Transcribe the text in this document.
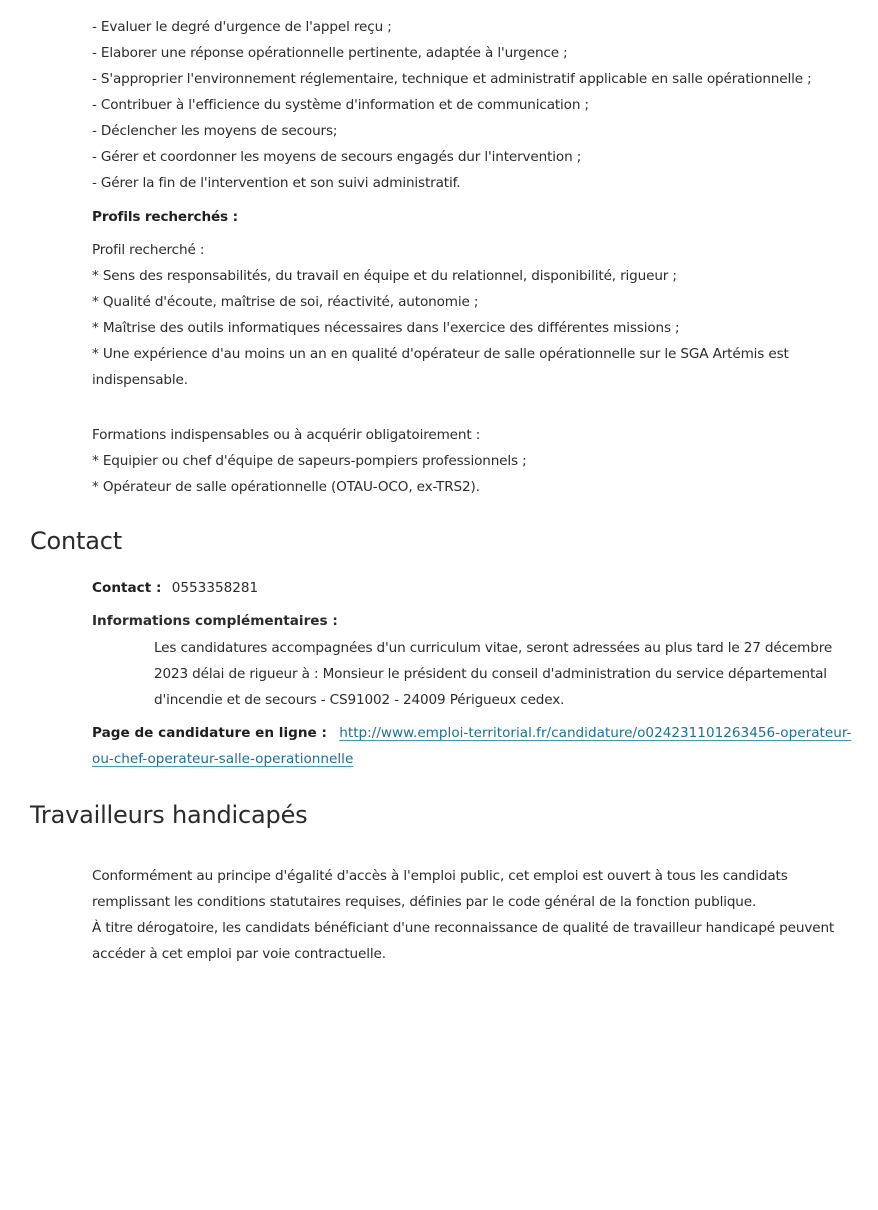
- Evaluer le degré d'urgence de l'appel reçu ;
- Elaborer une réponse opérationnelle pertinente, adaptée à l'urgence ;
- S'approprier l'environnement réglementaire, technique et administratif applicable en salle opérationnelle ;
- Contribuer à l'efficience du système d'information et de communication ;
- Déclencher les moyens de secours;
- Gérer et coordonner les moyens de secours engagés dur l'intervention ;
- Gérer la fin de l'intervention et son suivi administratif.
Profils recherchés :
Profil recherché :
* Sens des responsabilités, du travail en équipe et du relationnel, disponibilité, rigueur ;
* Qualité d'écoute, maîtrise de soi, réactivité, autonomie ;
* Maîtrise des outils informatiques nécessaires dans l'exercice des différentes missions ;
* Une expérience d'au moins un an en qualité d'opérateur de salle opérationnelle sur le SGA Artémis est
indispensable.
Formations indispensables ou à acquérir obligatoirement :
* Equipier ou chef d'équipe de sapeurs-pompiers professionnels ;
* Opérateur de salle opérationnelle (OTAU-OCO, ex-TRS2).
Contact
Contact : 0553358281
Informations complémentaires :
Les candidatures accompagnées d'un curriculum vitae, seront adressées au plus tard le 27 décembre
2023 délai de rigueur à : Monsieur le président du conseil d'administration du service départemental
d'incendie et de secours - CS91002 - 24009 Périgueux cedex.
Page de candidature en ligne : http://www.emploi-territorial.fr/candidature/o024231101263456-operateur-
ou-chef-operateur-salle-operationnelle
Travailleurs handicapés
Conformément au principe d'égalité d'accès à l'emploi public, cet emploi est ouvert à tous les candidats
remplissant les conditions statutaires requises, définies par le code général de la fonction publique.
À titre dérogatoire, les candidats bénéficiant d'une reconnaissance de qualité de travailleur handicapé peuvent
accéder à cet emploi par voie contractuelle.
